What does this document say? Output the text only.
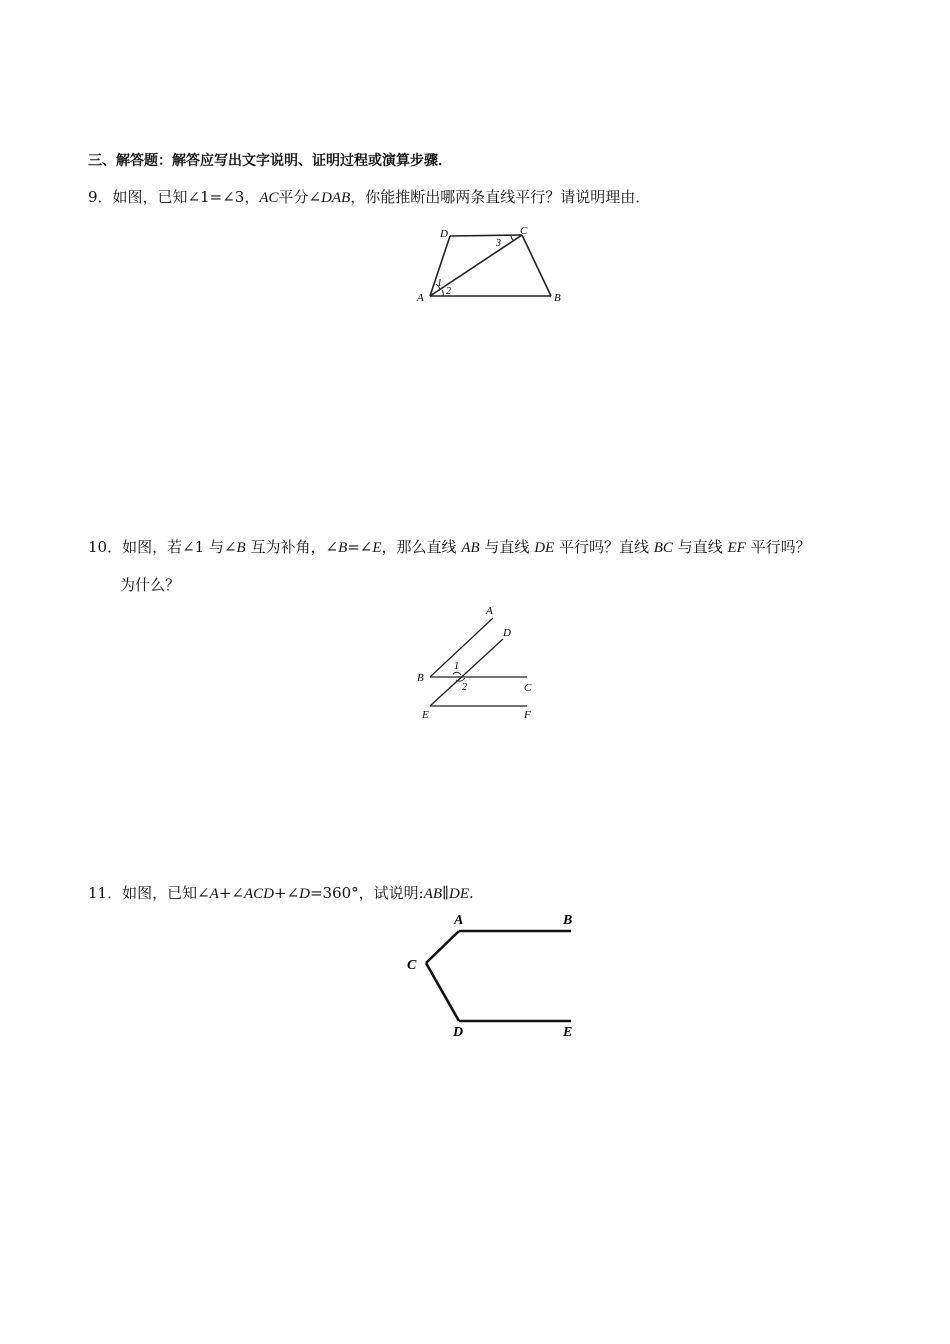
三、解答题：解答应写出文字说明、证明过程或演算步骤．
9．如图，已知∠1=∠3，AC平分∠DAB，你能推断出哪两条直线平行？请说明理由．
D	C
A	B
1
2
3
10．如图，若∠1 与∠B 互为补角，∠B=∠E，那么直线 AB 与直线 DE 平行吗？直线 BC 与直线 EF 平行吗？
为什么？
A
D
B
C
E	F
1
2
11．如图，已知∠A+∠ACD+∠D=360°，试说明:AB∥DE.
A	B
C
D	E
